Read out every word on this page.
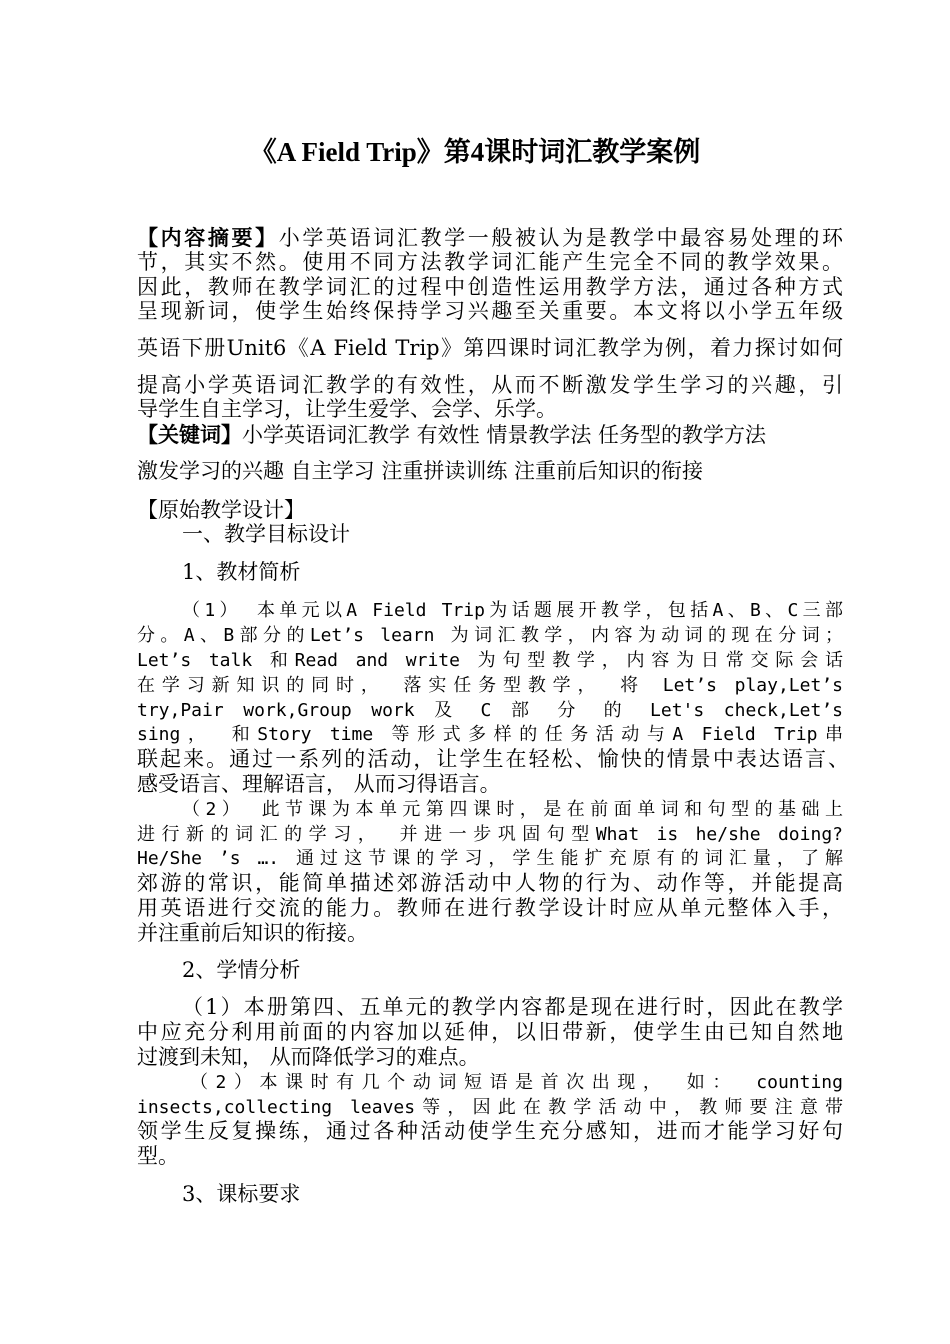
《A Field Trip》第4课时词汇教学案例
【内容摘要】小学英语词汇教学一般被认为是教学中最容易处理的环
节，其实不然。使用不同方法教学词汇能产生完全不同的教学效果。
因此，教师在教学词汇的过程中创造性运用教学方法，通过各种方式
呈现新词，使学生始终保持学习兴趣至关重要。本文将以小学五年级
英语下册Unit6《A Field Trip》第四课时词汇教学为例，着力探讨如何
提高小学英语词汇教学的有效性，从而不断激发学生学习的兴趣，引
导学生自主学习，让学生爱学、会学、乐学。
【关键词】小学英语词汇教学 有效性 情景教学法 任务型的教学方法
激发学习的兴趣 自主学习 注重拼读训练 注重前后知识的衔接
【原始教学设计】
一、教学目标设计
1、教材简析
（1） 本单元以A Field Trip为话题展开教学，包括A、B、C三部
分。A、B部分的Let’s learn 为词汇教学，内容为动词的现在分词；
Let’s talk 和Read and write 为句型教学，内容为日常交际会话
在学习新知识的同时， 落实任务型教学， 将 Let’s play,Let’s
try,Pair work,Group work 及 C 部 分 的 Let's check,Let’s
sing， 和Story time 等形式多样的任务活动与A Field Trip串
联起来。通过一系列的活动，让学生在轻松、愉快的情景中表达语言、
感受语言、理解语言， 从而习得语言。
（2） 此节课为本单元第四课时，是在前面单词和句型的基础上
进行新的词汇的学习， 并进一步巩固句型What is he/she doing?
He/She ’s …. 通过这节课的学习，学生能扩充原有的词汇量，了解
郊游的常识，能简单描述郊游活动中人物的行为、动作等，并能提高
用英语进行交流的能力。教师在进行教学设计时应从单元整体入手，
并注重前后知识的衔接。
2、学情分析
（1）本册第四、五单元的教学内容都是现在进行时，因此在教学
中应充分利用前面的内容加以延伸，以旧带新，使学生由已知自然地
过渡到未知， 从而降低学习的难点。
（2）本课时有几个动词短语是首次出现， 如： counting
insects,collecting leaves等，因此在教学活动中，教师要注意带
领学生反复操练，通过各种活动使学生充分感知，进而才能学习好句
型。
3、课标要求
